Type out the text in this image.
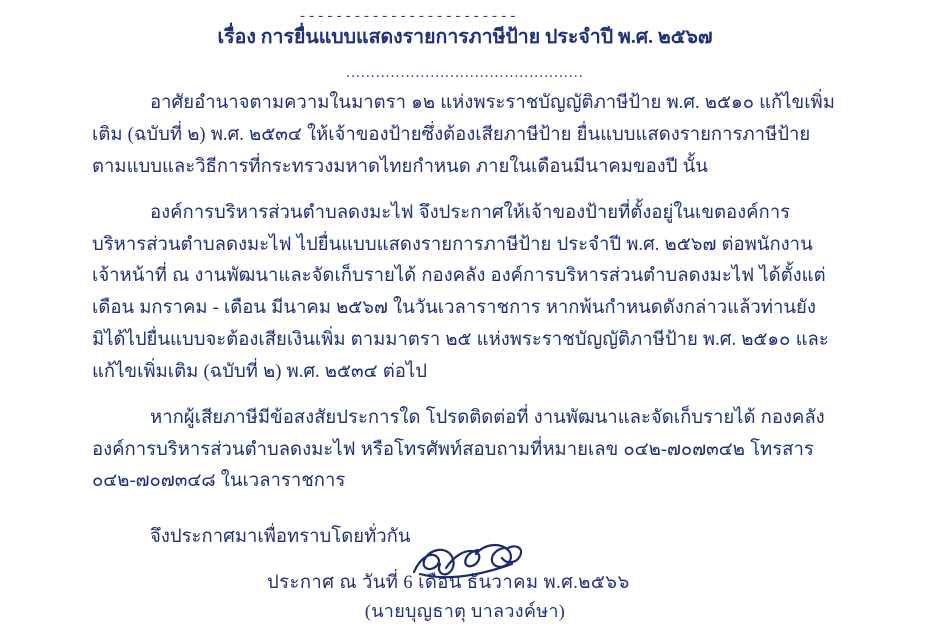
- - - - - - - - - - - - - - - - - - - - - - - -
เรื่อง การยื่นแบบแสดงรายการภาษีป้าย ประจำปี พ.ศ. ๒๕๖๗
................................................

อาศัยอำนาจตามความในมาตรา ๑๒ แห่งพระราชบัญญัติภาษีป้าย พ.ศ. ๒๕๑๐ แก้ไขเพิ่มเติม (ฉบับที่ ๒) พ.ศ. ๒๕๓๔ ให้เจ้าของป้ายซึ่งต้องเสียภาษีป้าย ยื่นแบบแสดงรายการภาษีป้าย ตามแบบและวิธีการที่กระทรวงมหาดไทยกำหนด ภายในเดือนมีนาคมของปี นั้น

องค์การบริหารส่วนตำบลดงมะไฟ จึงประกาศให้เจ้าของป้ายที่ตั้งอยู่ในเขตองค์การบริหารส่วนตำบลดงมะไฟ ไปยื่นแบบแสดงรายการภาษีป้าย ประจำปี พ.ศ. ๒๕๖๗ ต่อพนักงานเจ้าหน้าที่ ณ งานพัฒนาและจัดเก็บรายได้ กองคลัง องค์การบริหารส่วนตำบลดงมะไฟ ได้ตั้งแต่เดือน มกราคม - เดือน มีนาคม ๒๕๖๗ ในวันเวลาราชการ หากพ้นกำหนดดังกล่าวแล้วท่านยังมิได้ไปยื่นแบบจะต้องเสียเงินเพิ่ม ตามมาตรา ๒๕ แห่งพระราชบัญญัติภาษีป้าย พ.ศ. ๒๕๑๐ และแก้ไขเพิ่มเติม (ฉบับที่ ๒) พ.ศ. ๒๕๓๔ ต่อไป

หากผู้เสียภาษีมีข้อสงสัยประการใด โปรดติดต่อที่ งานพัฒนาและจัดเก็บรายได้ กองคลัง องค์การบริหารส่วนตำบลดงมะไฟ หรือโทรศัพท์สอบถามที่หมายเลข ๐๔๒-๗๐๗๓๔๒ โทรสาร ๐๔๒-๗๐๗๓๔๘ ในเวลาราชการ

จึงประกาศมาเพื่อทราบโดยทั่วกัน

ประกาศ ณ วันที่ 6 เดือน ธันวาคม พ.ศ.๒๕๖๖

(นายบุญธาตุ บาลวงค์ษา)
